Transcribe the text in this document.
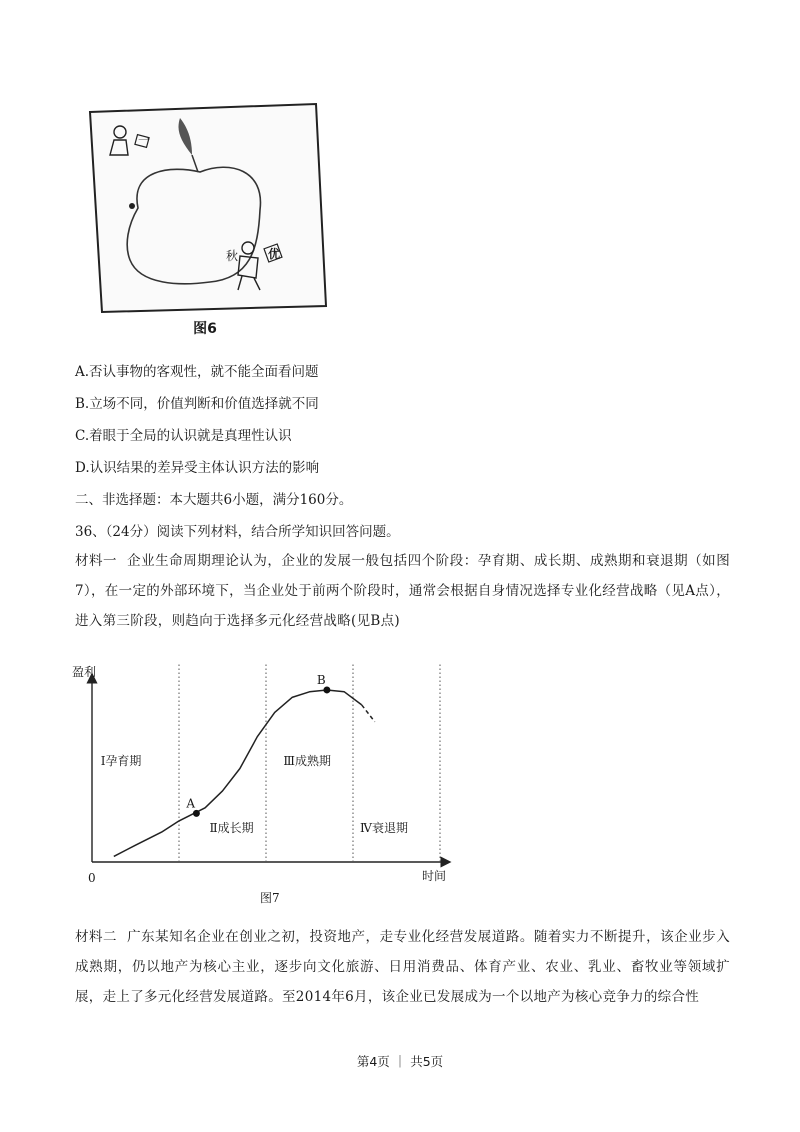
一
优
秋
图6
A.否认事物的客观性，就不能全面看问题
B.立场不同，价值判断和价值选择就不同
C.着眼于全局的认识就是真理性认识
D.认识结果的差异受主体认识方法的影响
二、非选择题：本大题共6小题，满分160分。
36、（24分）阅读下列材料，结合所学知识回答问题。
材料一 企业生命周期理论认为，企业的发展一般包括四个阶段：孕育期、成长期、成熟期和衰退期（如图7），在一定的外部环境下，当企业处于前两个阶段时，通常会根据自身情况选择专业化经营战略（见A点），进入第三阶段，则趋向于选择多元化经营战略(见B点)
盈利
时间
0
图7
Ⅰ孕育期
Ⅱ成长期
Ⅲ成熟期
Ⅳ衰退期
A
B
材料二 广东某知名企业在创业之初，投资地产，走专业化经营发展道路。随着实力不断提升，该企业步入成熟期，仍以地产为核心主业，逐步向文化旅游、日用消费品、体育产业、农业、乳业、畜牧业等领域扩展，走上了多元化经营发展道路。至2014年6月，该企业已发展成为一个以地产为核心竞争力的综合性
第4页 ｜ 共5页
